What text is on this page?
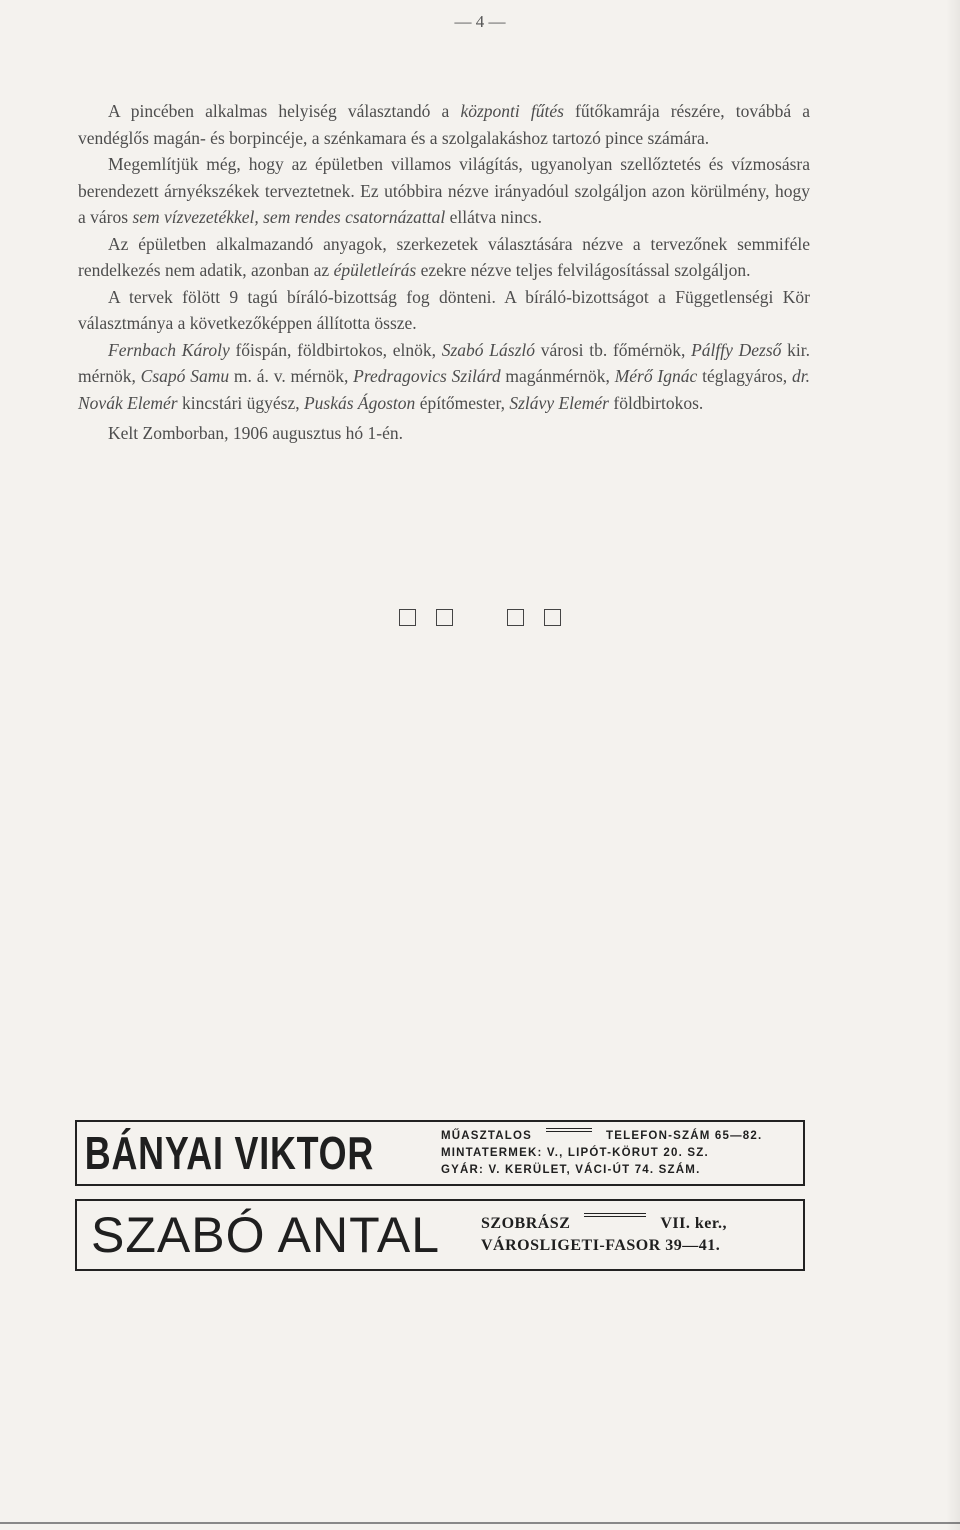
— 4 —

A pincében alkalmas helyiség választandó a központi fűtés fűtőkamrája részére, továbbá a vendéglős magán- és borpincéje, a szénkamara és a szolgalakáshoz tartozó pince számára.

Megemlítjük még, hogy az épületben villamos világítás, ugyanolyan szellőztetés és vízmosásra berendezett árnyékszékek terveztetnek. Ez utóbbira nézve irányadóul szolgáljon azon körülmény, hogy a város sem vízvezetékkel, sem rendes csatornázattal ellátva nincs.

Az épületben alkalmazandó anyagok, szerkezetek választására nézve a tervezőnek semmiféle rendelkezés nem adatik, azonban az épületleírás ezekre nézve teljes felvilágosítással szolgáljon.

A tervek fölött 9 tagú bíráló-bizottság fog dönteni. A bíráló-bizottságot a Függetlenségi Kör választmánya a következőképpen állította össze.

Fernbach Károly főispán, földbirtokos, elnök, Szabó László városi tb. főmérnök, Pálffy Dezső kir. mérnök, Csapó Samu m. á. v. mérnök, Predragovics Szilárd magánmérnök, Mérő Ignác téglagyáros, dr. Novák Elemér kincstári ügyész, Puskás Ágoston építőmester, Szlávy Elemér földbirtokos.

Kelt Zomborban, 1906 augusztus hó 1-én.

BÁNYAI VIKTOR	MŰASZTALOS	TELEFON-SZÁM 65—82.
MINTATERMEK: V., LIPÓT-KÖRUT 20. SZ.
GYÁR: V. KERÜLET, VÁCI-ÚT 74. SZÁM.
SZABÓ ANTAL	SZOBRÁSZ	VII. ker.,
VÁROSLIGETI-FASOR 39—41.
